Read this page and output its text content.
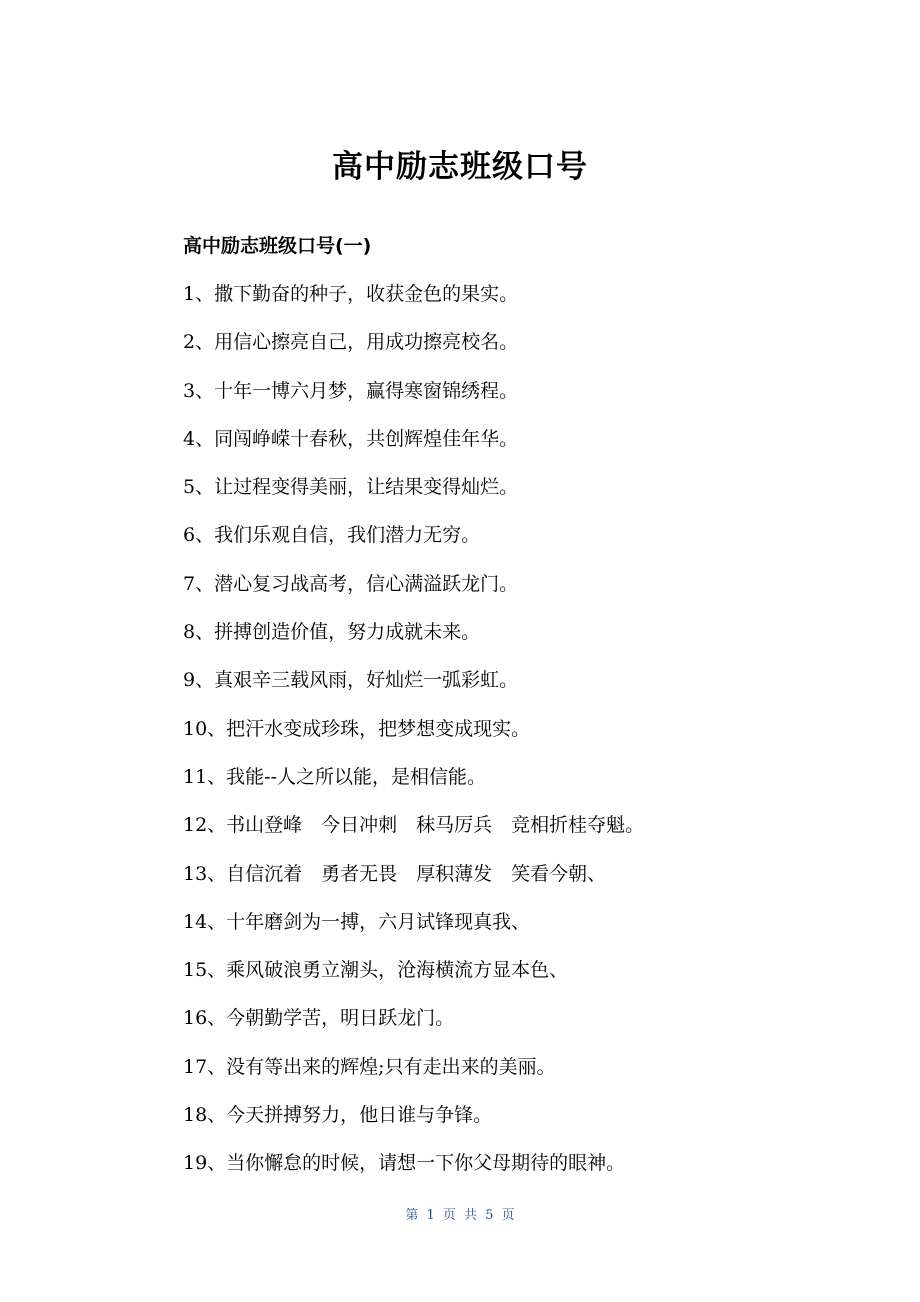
高中励志班级口号
高中励志班级口号(一)
1、撒下勤奋的种子，收获金色的果实。
2、用信心擦亮自己，用成功擦亮校名。
3、十年一博六月梦，赢得寒窗锦绣程。
4、同闯峥嵘十春秋，共创辉煌佳年华。
5、让过程变得美丽，让结果变得灿烂。
6、我们乐观自信，我们潜力无穷。
7、潜心复习战高考，信心满溢跃龙门。
8、拼搏创造价值，努力成就未来。
9、真艰辛三载风雨，好灿烂一弧彩虹。
10、把汗水变成珍珠，把梦想变成现实。
11、我能--人之所以能，是相信能。
12、书山登峰　今日冲刺　秣马厉兵　竞相折桂夺魁。
13、自信沉着　勇者无畏　厚积薄发　笑看今朝、
14、十年磨剑为一搏，六月试锋现真我、
15、乘风破浪勇立潮头，沧海横流方显本色、
16、今朝勤学苦，明日跃龙门。
17、没有等出来的辉煌;只有走出来的美丽。
18、今天拼搏努力，他日谁与争锋。
19、当你懈怠的时候，请想一下你父母期待的眼神。
第 1 页 共 5 页
